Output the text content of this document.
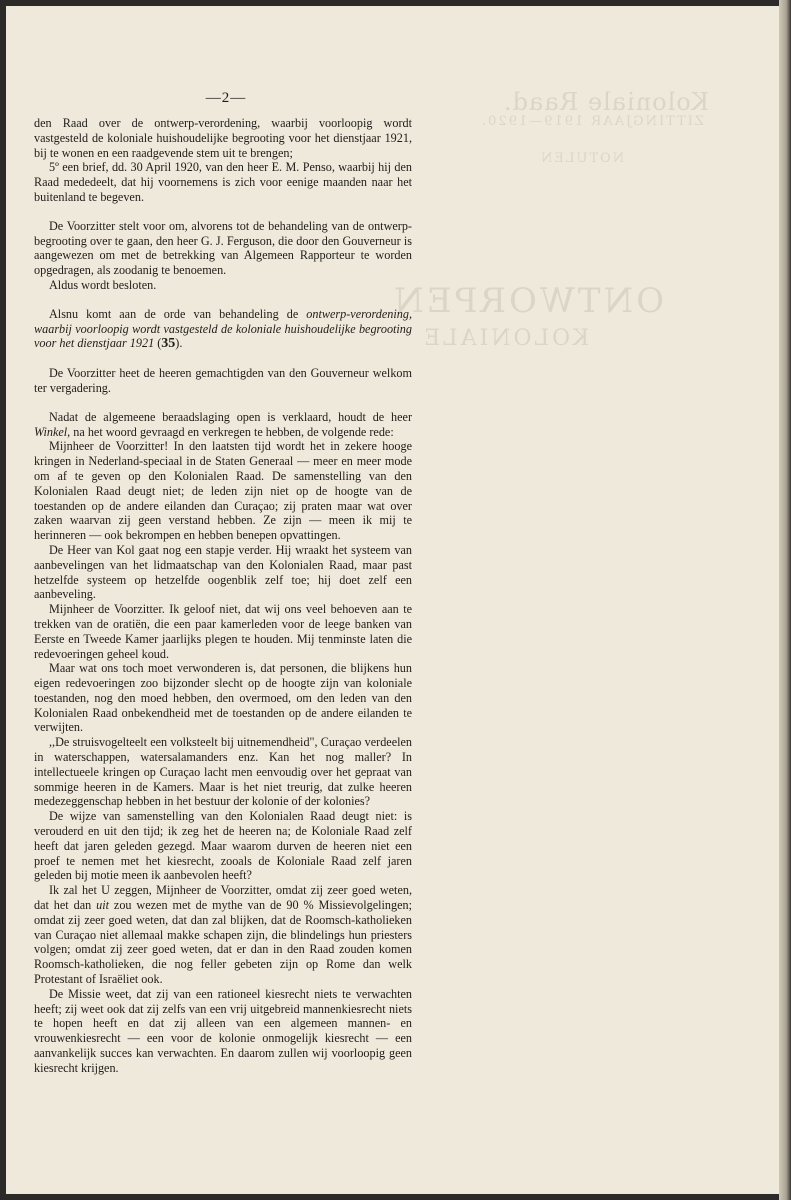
Koloniale Raad.
ZITTINGJAAR 1919—1920.
NOTULEN
ONTWORPEN
KOLONIALE
—2—

den Raad over de ontwerp-verordening, waarbij voorloopig wordt vastgesteld de koloniale huishoudelijke begrooting voor het dienstjaar 1921, bij te wonen en een raadgevende stem uit te brengen;

5º een brief, dd. 30 April 1920, van den heer E. M. Penso, waarbij hij den Raad mededeelt, dat hij voornemens is zich voor eenige maanden naar het buitenland te begeven.

De Voorzitter stelt voor om, alvorens tot de behandeling van de ontwerp-begrooting over te gaan, den heer G. J. Ferguson, die door den Gouverneur is aangewezen om met de betrekking van Algemeen Rapporteur te worden opgedragen, als zoodanig te benoemen.

Aldus wordt besloten.

Alsnu komt aan de orde van behandeling de ontwerp-verordening, waarbij voorloopig wordt vastgesteld de koloniale huishoudelijke begrooting voor het dienstjaar 1921 (35).

De Voorzitter heet de heeren gemachtigden van den Gouverneur welkom ter vergadering.

Nadat de algemeene beraadslaging open is verklaard, houdt de heer Winkel, na het woord gevraagd en verkregen te hebben, de volgende rede:

Mijnheer de Voorzitter! In den laatsten tijd wordt het in zekere hooge kringen in Nederland-speciaal in de Staten Generaal — meer en meer mode om af te geven op den Kolonialen Raad. De samenstelling van den Kolonialen Raad deugt niet; de leden zijn niet op de hoogte van de toestanden op de andere eilanden dan Curaçao; zij praten maar wat over zaken waarvan zij geen verstand hebben. Ze zijn — meen ik mij te herinneren — ook bekrompen en hebben benepen opvattingen.

De Heer van Kol gaat nog een stapje verder. Hij wraakt het systeem van aanbevelingen van het lidmaatschap van den Kolonialen Raad, maar past hetzelfde systeem op hetzelfde oogenblik zelf toe; hij doet zelf een aanbeveling.

Mijnheer de Voorzitter. Ik geloof niet, dat wij ons veel behoeven aan te trekken van de oratiën, die een paar kamerleden voor de leege banken van Eerste en Tweede Kamer jaarlijks plegen te houden. Mij tenminste laten die redevoeringen geheel koud.

Maar wat ons toch moet verwonderen is, dat personen, die blijkens hun eigen redevoeringen zoo bijzonder slecht op de hoogte zijn van koloniale toestanden, nog den moed hebben, den overmoed, om den leden van den Kolonialen Raad onbekendheid met de toestanden op de andere eilanden te verwijten.

,,De struisvogelteelt een volksteelt bij uitnemendheid", Curaçao verdeelen in waterschappen, watersalamanders enz. Kan het nog maller? In intellectueele kringen op Curaçao lacht men eenvoudig over het gepraat van sommige heeren in de Kamers. Maar is het niet treurig, dat zulke heeren medezeggenschap hebben in het bestuur der kolonie of der kolonies?

De wijze van samenstelling van den Kolonialen Raad deugt niet: is verouderd en uit den tijd; ik zeg het de heeren na; de Koloniale Raad zelf heeft dat jaren geleden gezegd. Maar waarom durven de heeren niet een proef te nemen met het kiesrecht, zooals de Koloniale Raad zelf jaren geleden bij motie meen ik aanbevolen heeft?

Ik zal het U zeggen, Mijnheer de Voorzitter, omdat zij zeer goed weten, dat het dan uit zou wezen met de mythe van de 90 % Missievolgelingen; omdat zij zeer goed weten, dat dan zal blijken, dat de Roomsch-katholieken van Curaçao niet allemaal makke schapen zijn, die blindelings hun priesters volgen; omdat zij zeer goed weten, dat er dan in den Raad zouden komen Roomsch-katholieken, die nog feller gebeten zijn op Rome dan welk Protestant of Israëliet ook.

De Missie weet, dat zij van een rationeel kiesrecht niets te verwachten heeft; zij weet ook dat zij zelfs van een vrij uitgebreid mannenkiesrecht niets te hopen heeft en dat zij alleen van een algemeen mannen- en vrouwenkiesrecht — een voor de kolonie onmogelijk kiesrecht — een aanvankelijk succes kan verwachten. En daarom zullen wij voorloopig geen kiesrecht krijgen.
